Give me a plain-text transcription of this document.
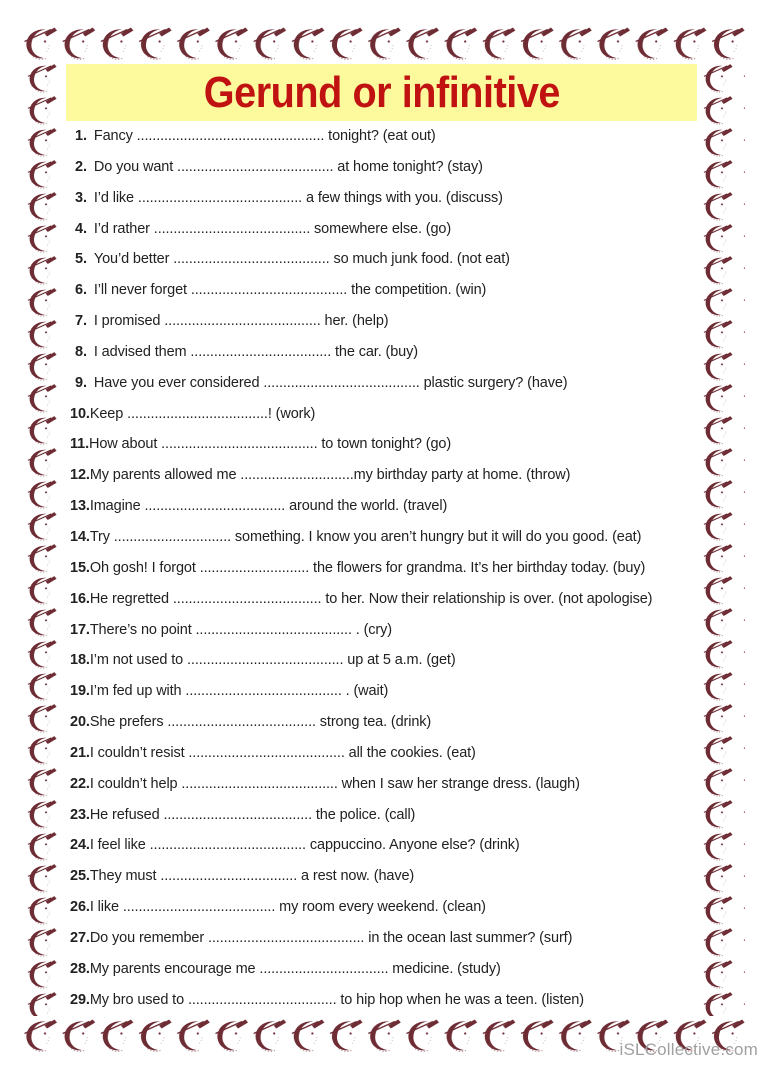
Gerund or infinitive
1. Fancy ................................................ tonight? (eat out)
2. Do you want ........................................ at home tonight? (stay)
3. I’d like .......................................... a few things with you. (discuss)
4. I’d rather ........................................ somewhere else. (go)
5. You’d better ........................................ so much junk food. (not eat)
6. I’ll never forget ........................................ the competition. (win)
7. I promised ........................................ her. (help)
8. I advised them .................................... the car. (buy)
9. Have you ever considered ........................................ plastic surgery? (have)
10.Keep ....................................! (work)
11.How about ........................................ to town tonight? (go)
12.My parents allowed me .............................my birthday party at home. (throw)
13.Imagine .................................... around the world. (travel)
14.Try .............................. something. I know you aren’t hungry but it will do you good. (eat)
15.Oh gosh! I forgot ............................ the flowers for grandma. It’s her birthday today. (buy)
16.He regretted ...................................... to her. Now their relationship is over. (not apologise)
17.There’s no point ........................................ . (cry)
18.I’m not used to ........................................ up at 5 a.m. (get)
19.I’m fed up with ........................................ . (wait)
20.She prefers ...................................... strong tea. (drink)
21.I couldn’t resist ........................................ all the cookies. (eat)
22.I couldn’t help ........................................ when I saw her strange dress. (laugh)
23.He refused ...................................... the police. (call)
24.I feel like ........................................ cappuccino. Anyone else? (drink)
25.They must ................................... a rest now. (have)
26.I like ....................................... my room every weekend. (clean)
27.Do you remember ........................................ in the ocean last summer? (surf)
28.My parents encourage me ................................. medicine. (study)
29.My bro used to ...................................... to hip hop when he was a teen. (listen)
iSLCollective.com
